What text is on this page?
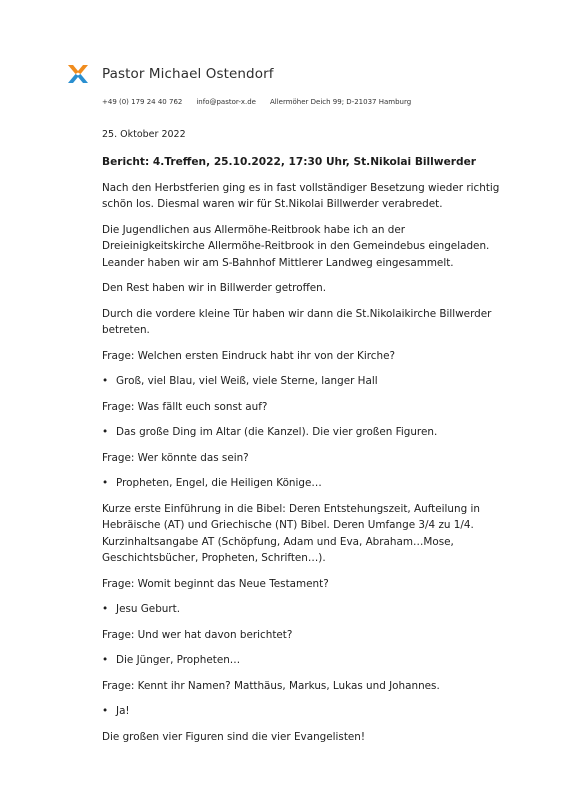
Pastor Michael Ostendorf
+49 (0) 179 24 40 762 info@pastor-x.de Allermöher Deich 99; D-21037 Hamburg
25. Oktober 2022

Bericht: 4.Treffen, 25.10.2022, 17:30 Uhr, St.Nikolai Billwerder

Nach den Herbstferien ging es in fast vollständiger Besetzung wieder richtig schön los. Diesmal waren wir für St.Nikolai Billwerder verabredet.

Die Jugendlichen aus Allermöhe-Reitbrook habe ich an der Dreieinigkeitskirche Allermöhe-Reitbrook in den Gemeindebus eingeladen. Leander haben wir am S-Bahnhof Mittlerer Landweg eingesammelt.

Den Rest haben wir in Billwerder getroffen.

Durch die vordere kleine Tür haben wir dann die St.Nikolaikirche Billwerder betreten.

Frage: Welchen ersten Eindruck habt ihr von der Kirche?

• Groß, viel Blau, viel Weiß, viele Sterne, langer Hall

Frage: Was fällt euch sonst auf?

• Das große Ding im Altar (die Kanzel). Die vier großen Figuren.

Frage: Wer könnte das sein?

• Propheten, Engel, die Heiligen Könige…

Kurze erste Einführung in die Bibel: Deren Entstehungszeit, Aufteilung in Hebräische (AT) und Griechische (NT) Bibel. Deren Umfange 3/4 zu 1/4. Kurzinhaltsangabe AT (Schöpfung, Adam und Eva, Abraham…Mose, Geschichtsbücher, Propheten, Schriften…).

Frage: Womit beginnt das Neue Testament?

• Jesu Geburt.

Frage: Und wer hat davon berichtet?

• Die Jünger, Propheten…

Frage: Kennt ihr Namen? Matthäus, Markus, Lukas und Johannes.

• Ja!

Die großen vier Figuren sind die vier Evangelisten!
